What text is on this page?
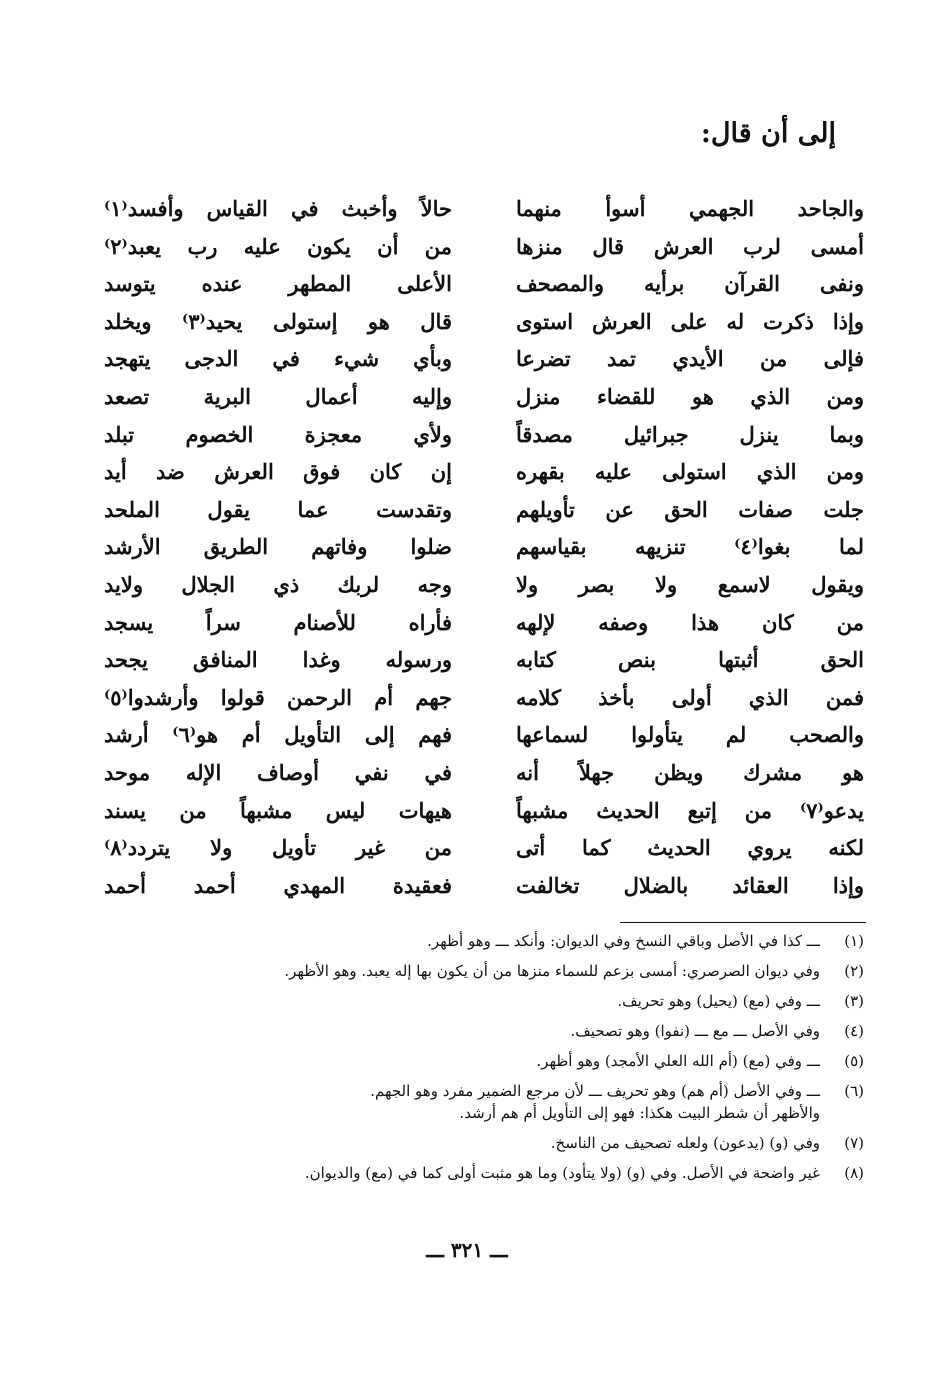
إلى أن قال:
والجاحد الجهمي أسوأ منهما
أمسى لرب العرش قال منزها
ونفى القرآن برأيه والمصحف
وإذا ذكرت له على العرش استوى
فإلى من الأيدي تمد تضرعا
ومن الذي هو للقضاء منزل
وبما ينزل جبرائيل مصدقاً
ومن الذي استولى عليه بقهره
جلت صفات الحق عن تأويلهم
لما بغوا⁽٤⁾ تنزيهه بقياسهم
ويقول لاسمع ولا بصر ولا
من كان هذا وصفه لإلهه
الحق أثبتها بنص كتابه
فمن الذي أولى بأخذ كلامه
والصحب لم يتأولوا لسماعها
هو مشرك ويظن جهلاً أنه
يدعو⁽٧⁾ من إتبع الحديث مشبهاً
لكنه يروي الحديث كما أتى
وإذا العقائد بالضلال تخالفت
حالاً وأخبث في القياس وأفسد⁽١⁾
من أن يكون عليه رب يعبد⁽٢⁾
الأعلى المطهر عنده يتوسد
قال هو إستولى يحيد⁽٣⁾ ويخلد
وبأي شيء في الدجى يتهجد
وإليه أعمال البرية تصعد
ولأي معجزة الخصوم تبلد
إن كان فوق العرش ضد أيد
وتقدست عما يقول الملحد
ضلوا وفاتهم الطريق الأرشد
وجه لربك ذي الجلال ولايد
فأراه للأصنام سراً يسجد
ورسوله وغدا المنافق يجحد
جهم أم الرحمن قولوا وأرشدوا⁽٥⁾
فهم إلى التأويل أم هو⁽٦⁾ أرشد
في نفي أوصاف الإله موحد
هيهات ليس مشبهاً من يسند
من غير تأويل ولا يتردد⁽٨⁾
فعقيدة المهدي أحمد أحمد
(١)
ـــ كذا في الأصل وباقي النسخ وفي الديوان: وأنكد ـــ وهو أظهر.
(٢)
وفي ديوان الصرصري: أمسى بزعم للسماء منزها من أن يكون بها إله يعبد. وهو الأظهر.
(٣)
ـــ وفي (مع) (يحيل) وهو تحريف.
(٤)
وفي الأصل ـــ مع ـــ (نفوا) وهو تصحيف.
(٥)
ـــ وفي (مع) (أم الله العلي الأمجد) وهو أظهر.
(٦)
ـــ وفي الأصل (أم هم) وهو تحريف ـــ لأن مرجع الضمير مفرد وهو الجهم.
والأظهر أن شطر البيت هكذا: فهو إلى التأويل أم هم أرشد.
(٧)
وفي (و) (يدعون) ولعله تصحيف من الناسخ.
(٨)
غير واضحة في الأصل. وفي (و) (ولا يتأود) وما هو مثبت أولى كما في (مع) والديوان.
ـــ ٣٢١ ـــ
